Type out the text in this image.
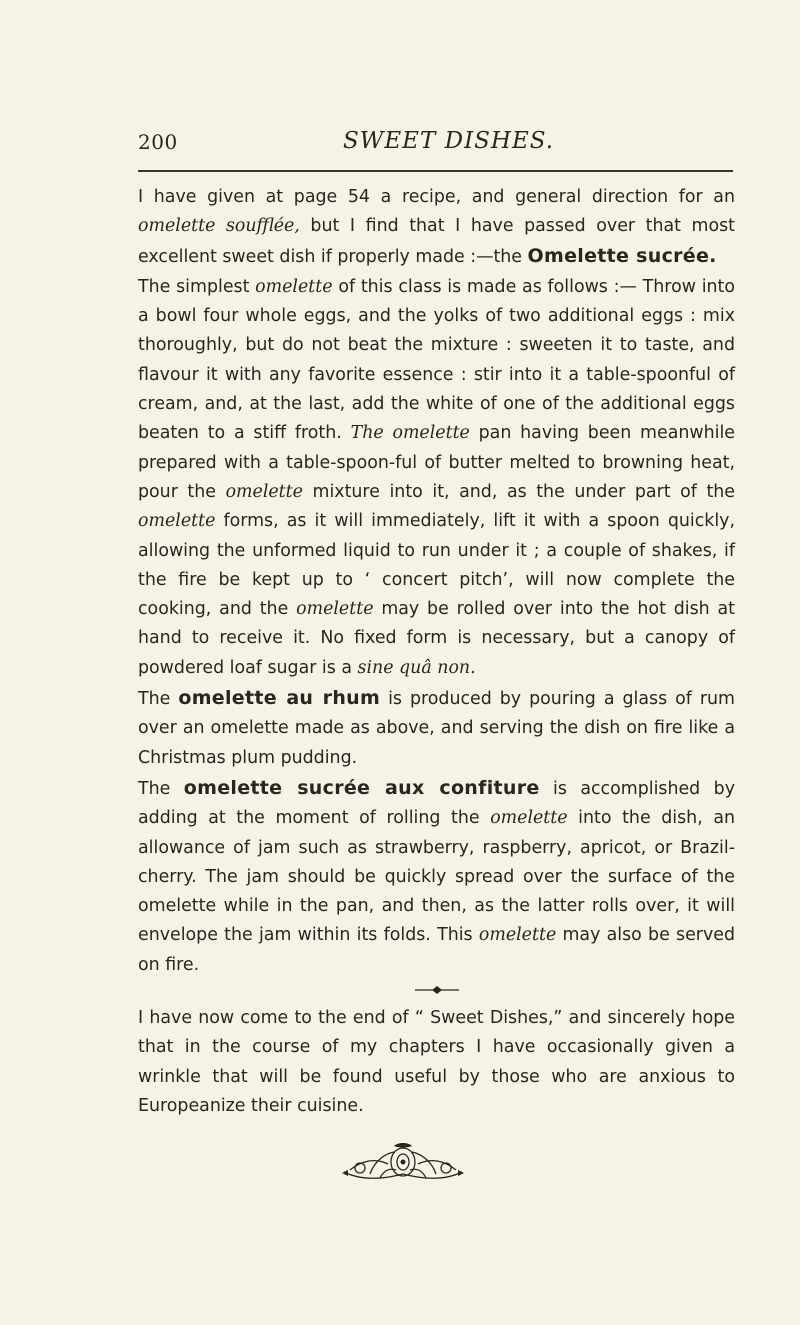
200	SWEET DISHES.

I have given at page 54 a recipe, and general direction for an omelette soufflée, but I find that I have passed over that most excellent sweet dish if properly made :—the Omelette sucrée.

The simplest omelette of this class is made as follows :— Throw into a bowl four whole eggs, and the yolks of two additional eggs : mix thoroughly, but do not beat the mixture : sweeten it to taste, and flavour it with any favorite essence : stir into it a table-spoonful of cream, and, at the last, add the white of one of the additional eggs beaten to a stiff froth. The omelette pan having been meanwhile prepared with a table-spoon-ful of butter melted to browning heat, pour the omelette mixture into it, and, as the under part of the omelette forms, as it will immediately, lift it with a spoon quickly, allowing the unformed liquid to run under it ; a couple of shakes, if the fire be kept up to ‘ concert pitch’, will now complete the cooking, and the omelette may be rolled over into the hot dish at hand to receive it. No fixed form is necessary, but a canopy of powdered loaf sugar is a sine quâ non.

The omelette au rhum is produced by pouring a glass of rum over an omelette made as above, and serving the dish on fire like a Christmas plum pudding.

The omelette sucrée aux confiture is accomplished by adding at the moment of rolling the omelette into the dish, an allowance of jam such as strawberry, raspberry, apricot, or Brazil-cherry. The jam should be quickly spread over the surface of the omelette while in the pan, and then, as the latter rolls over, it will envelope the jam within its folds. This omelette may also be served on fire.

I have now come to the end of “ Sweet Dishes,” and sincerely hope that in the course of my chapters I have occasionally given a wrinkle that will be found useful by those who are anxious to Europeanize their cuisine.
